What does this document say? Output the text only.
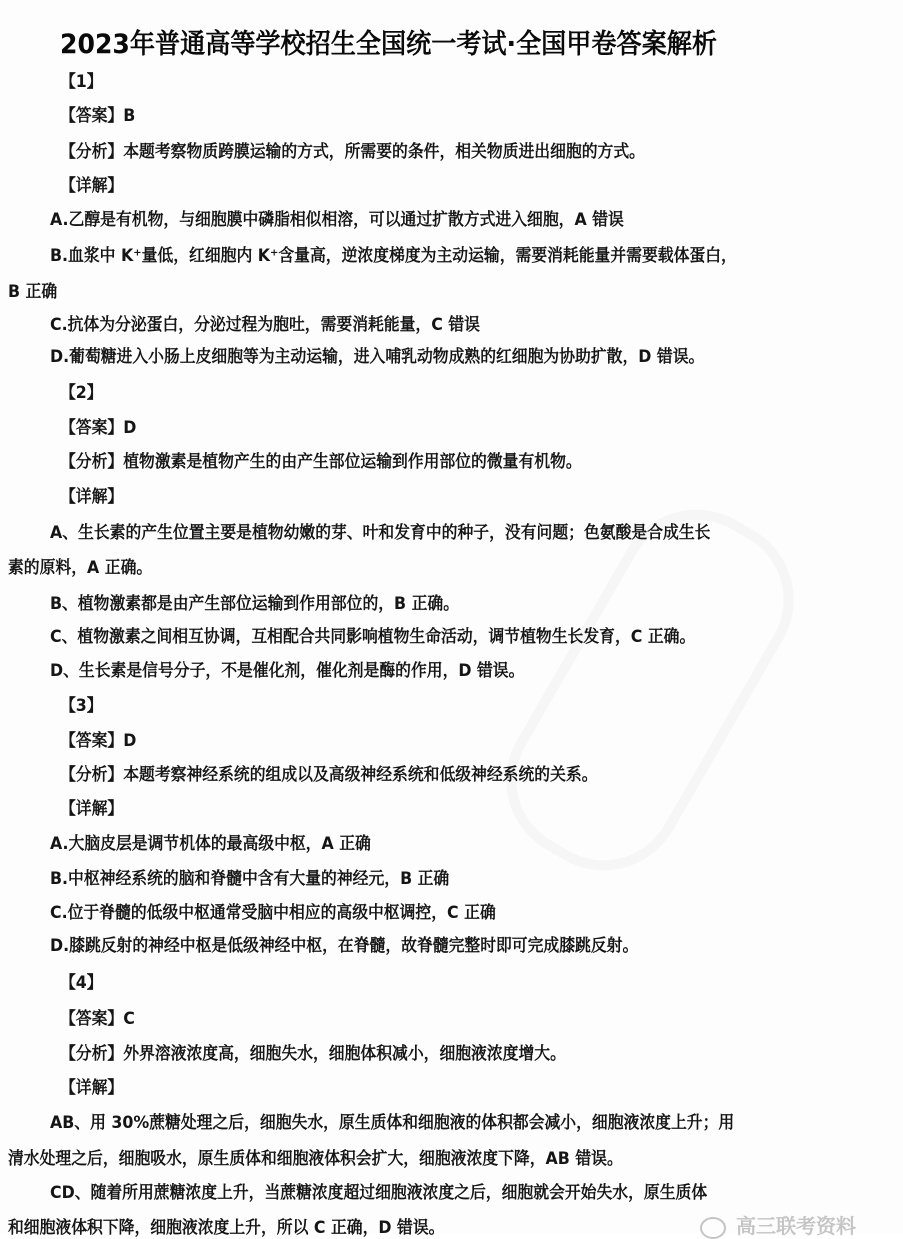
2023年普通高等学校招生全国统一考试·全国甲卷答案解析
【1】
【答案】B
【分析】本题考察物质跨膜运输的方式，所需要的条件，相关物质进出细胞的方式。
【详解】
A.乙醇是有机物，与细胞膜中磷脂相似相溶，可以通过扩散方式进入细胞，A 错误
B.血浆中 K⁺量低，红细胞内 K⁺含量高，逆浓度梯度为主动运输，需要消耗能量并需要载体蛋白，
B 正确
C.抗体为分泌蛋白，分泌过程为胞吐，需要消耗能量，C 错误
D.葡萄糖进入小肠上皮细胞等为主动运输，进入哺乳动物成熟的红细胞为协助扩散，D 错误。
【2】
【答案】D
【分析】植物激素是植物产生的由产生部位运输到作用部位的微量有机物。
【详解】
A、生长素的产生位置主要是植物幼嫩的芽、叶和发育中的种子，没有问题；色氨酸是合成生长
素的原料，A 正确。
B、植物激素都是由产生部位运输到作用部位的，B 正确。
C、植物激素之间相互协调，互相配合共同影响植物生命活动，调节植物生长发育，C 正确。
D、生长素是信号分子，不是催化剂，催化剂是酶的作用，D 错误。
【3】
【答案】D
【分析】本题考察神经系统的组成以及高级神经系统和低级神经系统的关系。
【详解】
A.大脑皮层是调节机体的最高级中枢，A 正确
B.中枢神经系统的脑和脊髓中含有大量的神经元，B 正确
C.位于脊髓的低级中枢通常受脑中相应的高级中枢调控，C 正确
D.膝跳反射的神经中枢是低级神经中枢，在脊髓，故脊髓完整时即可完成膝跳反射。
【4】
【答案】C
【分析】外界溶液浓度高，细胞失水，细胞体积减小，细胞液浓度增大。
【详解】
AB、用 30%蔗糖处理之后，细胞失水，原生质体和细胞液的体积都会减小，细胞液浓度上升；用
清水处理之后，细胞吸水，原生质体和细胞液体积会扩大，细胞液浓度下降，AB 错误。
CD、随着所用蔗糖浓度上升，当蔗糖浓度超过细胞液浓度之后，细胞就会开始失水，原生质体
和细胞液体积下降，细胞液浓度上升，所以 C 正确，D 错误。	高三联考资料
